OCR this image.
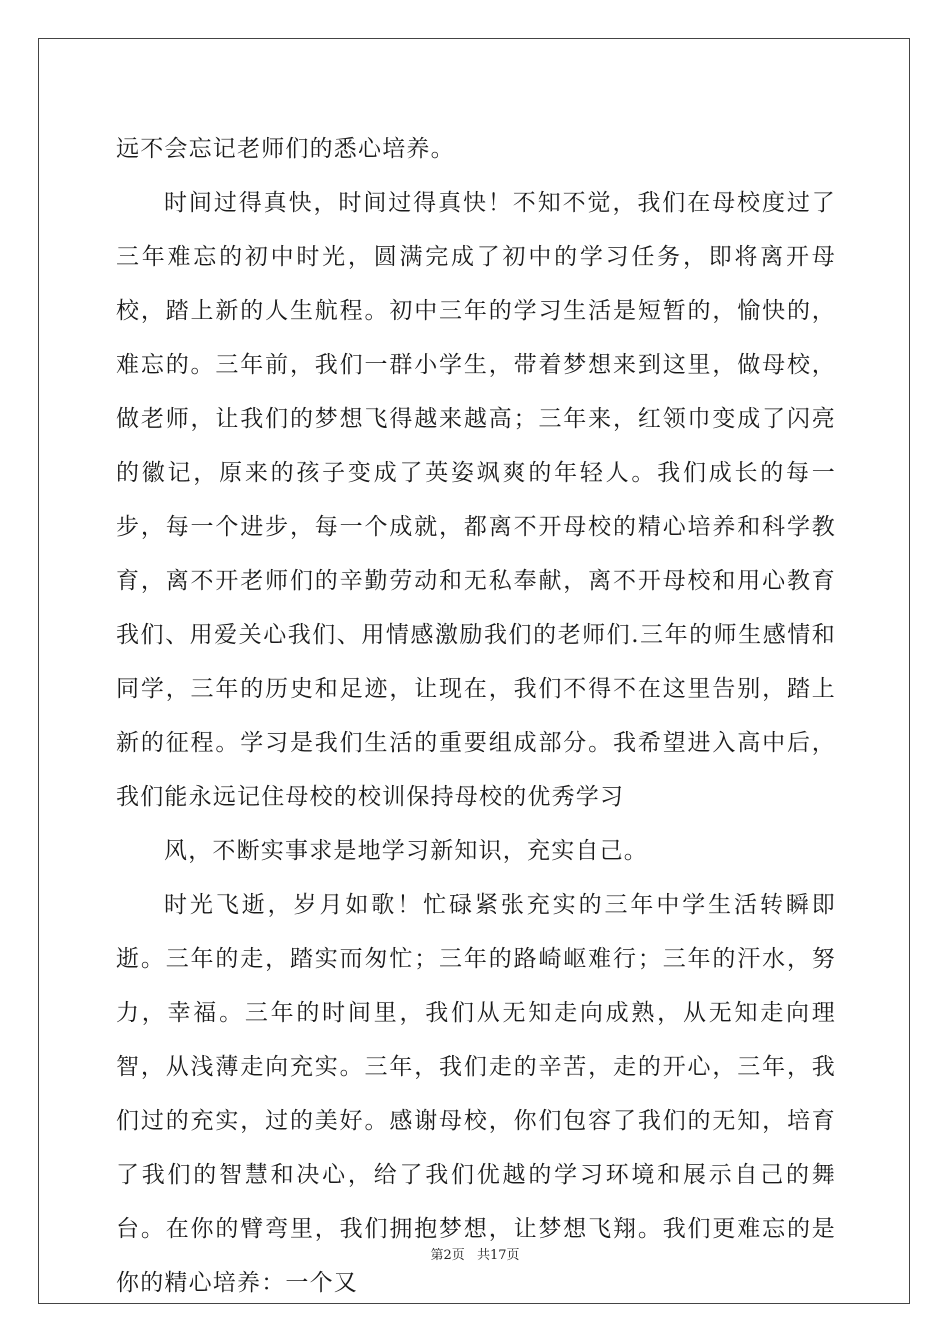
远不会忘记老师们的悉心培养。

时间过得真快，时间过得真快！不知不觉，我们在母校度过了三年难忘的初中时光，圆满完成了初中的学习任务，即将离开母校，踏上新的人生航程。初中三年的学习生活是短暂的，愉快的，难忘的。三年前，我们一群小学生，带着梦想来到这里，做母校，做老师，让我们的梦想飞得越来越高；三年来，红领巾变成了闪亮的徽记，原来的孩子变成了英姿飒爽的年轻人。我们成长的每一步，每一个进步，每一个成就，都离不开母校的精心培养和科学教育，离不开老师们的辛勤劳动和无私奉献，离不开母校和用心教育我们、用爱关心我们、用情感激励我们的老师们.三年的师生感情和同学，三年的历史和足迹，让现在，我们不得不在这里告别，踏上新的征程。学习是我们生活的重要组成部分。我希望进入高中后，我们能永远记住母校的校训保持母校的优秀学习

风，不断实事求是地学习新知识，充实自己。

时光飞逝，岁月如歌！忙碌紧张充实的三年中学生活转瞬即逝。三年的走，踏实而匆忙；三年的路崎岖难行；三年的汗水，努力，幸福。三年的时间里，我们从无知走向成熟，从无知走向理智，从浅薄走向充实。三年，我们走的辛苦，走的开心，三年，我们过的充实，过的美好。感谢母校，你们包容了我们的无知，培育了我们的智慧和决心，给了我们优越的学习环境和展示自己的舞台。在你的臂弯里，我们拥抱梦想，让梦想飞翔。我们更难忘的是你的精心培养：一个又

第2页 共17页
